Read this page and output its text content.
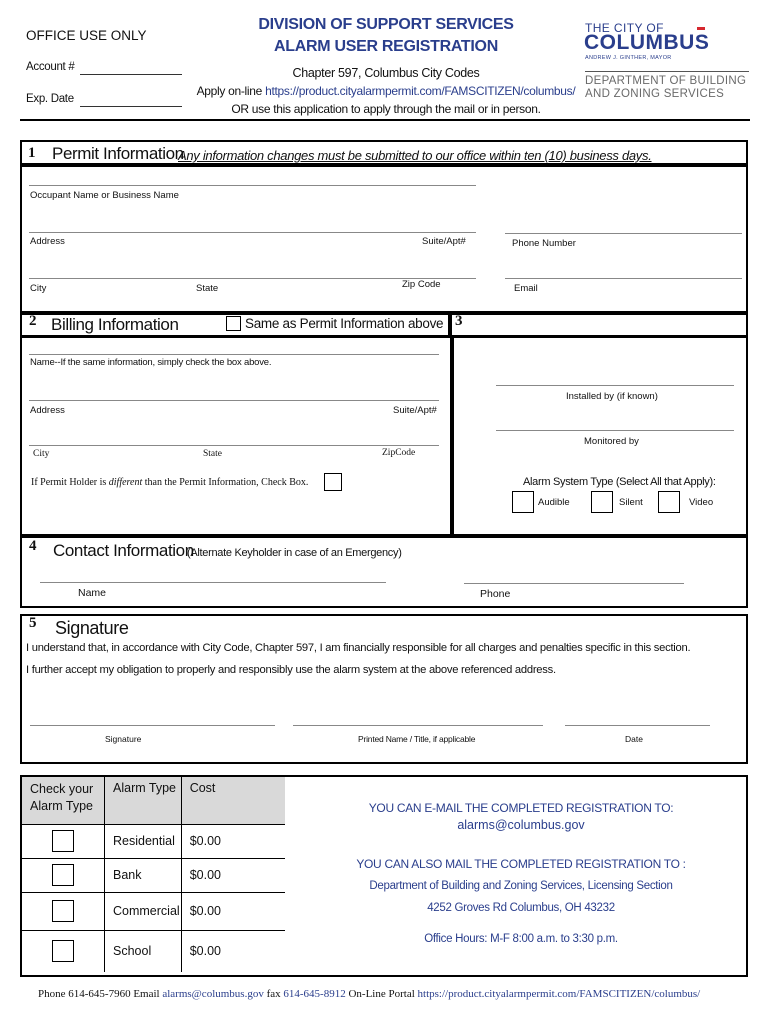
OFFICE USE ONLY
Account #
Exp. Date
DIVISION OF SUPPORT SERVICES
ALARM USER REGISTRATION
Chapter 597, Columbus City Codes
Apply on-line https://product.cityalarmpermit.com/FAMSCITIZEN/columbus/
OR use this application to apply through the mail or in person.
THE CITY OF
COLUMBUS
ANDREW J. GINTHER, MAYOR
DEPARTMENT OF BUILDING
AND ZONING SERVICES
1 Permit Information
Any information changes must be submitted to our office within ten (10) business days.
Occupant Name or Business Name
Address	Suite/Apt#	Phone Number
City	State	Zip Code	Email
2 Billing Information	Same as Permit Information above 3
Name--If the same information, simply check the box above.
Address	Suite/Apt#
City	State	ZipCode
If Permit Holder is different than the Permit Information, Check Box.
Installed by (if known)
Monitored by
Alarm System Type (Select All that Apply):
Audible	Silent	Video
4 Contact Information
(Alternate Keyholder in case of an Emergency)
Name	Phone
5 Signature
I understand that, in accordance with City Code, Chapter 597, I am financially responsible for all charges and penalties specific in this section.
I further accept my obligation to properly and responsibly use the alarm system at the above referenced address.
Signature	Printed Name / Title, if applicable	Date
Check your Alarm Type	Alarm Type	Cost
	Residential	$0.00
	Bank	$0.00
	Commercial	$0.00
	School	$0.00
YOU CAN E-MAIL THE COMPLETED REGISTRATION TO:
alarms@columbus.gov
YOU CAN ALSO MAIL THE COMPLETED REGISTRATION TO :
Department of Building and Zoning Services, Licensing Section
4252 Groves Rd Columbus, OH 43232
Office Hours: M-F 8:00 a.m. to 3:30 p.m.
Phone 614-645-7960 Email alarms@columbus.gov fax 614-645-8912 On-Line Portal https://product.cityalarmpermit.com/FAMSCITIZEN/columbus/
